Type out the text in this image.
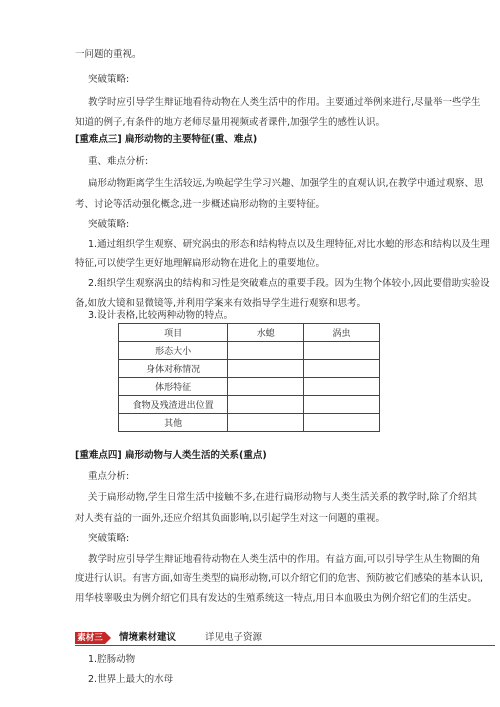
一问题的重视。
突破策略:
教学时应引导学生辩证地看待动物在人类生活中的作用。主要通过举例来进行,尽量举一些学生
知道的例子,有条件的地方老师尽量用视频或者课件,加强学生的感性认识。
[重难点三] 扁形动物的主要特征(重、难点)
重、难点分析:
扁形动物距离学生生活较远,为唤起学生学习兴趣、加强学生的直观认识,在教学中通过观察、思
考、讨论等活动强化概念,进一步概述扁形动物的主要特征。
突破策略:
1.通过组织学生观察、研究涡虫的形态和结构特点以及生理特征,对比水螅的形态和结构以及生理
特征,可以使学生更好地理解扁形动物在进化上的重要地位。
2.组织学生观察涡虫的结构和习性是突破难点的重要手段。因为生物个体较小,因此要借助实验设
备,如放大镜和显微镜等,并利用学案来有效指导学生进行观察和思考。
3.设计表格,比较两种动物的特点。
项目	水螅	涡虫
形态大小		
身体对称情况		
体形特征		
食物及残渣进出位置		
其他		
[重难点四] 扁形动物与人类生活的关系(重点)
重点分析:
关于扁形动物,学生日常生活中接触不多,在进行扁形动物与人类生活关系的教学时,除了介绍其
对人类有益的一面外,还应介绍其负面影响,以引起学生对这一问题的重视。
突破策略:
教学时应引导学生辩证地看待动物在人类生活中的作用。有益方面,可以引导学生从生物圈的角
度进行认识。有害方面,如寄生类型的扁形动物,可以介绍它们的危害、预防被它们感染的基本认识,
用华枝睾吸虫为例介绍它们具有发达的生殖系统这一特点,用日本血吸虫为例介绍它们的生活史。
素材三 情境素材建议	详见电子资源
1.腔肠动物
2.世界上最大的水母
